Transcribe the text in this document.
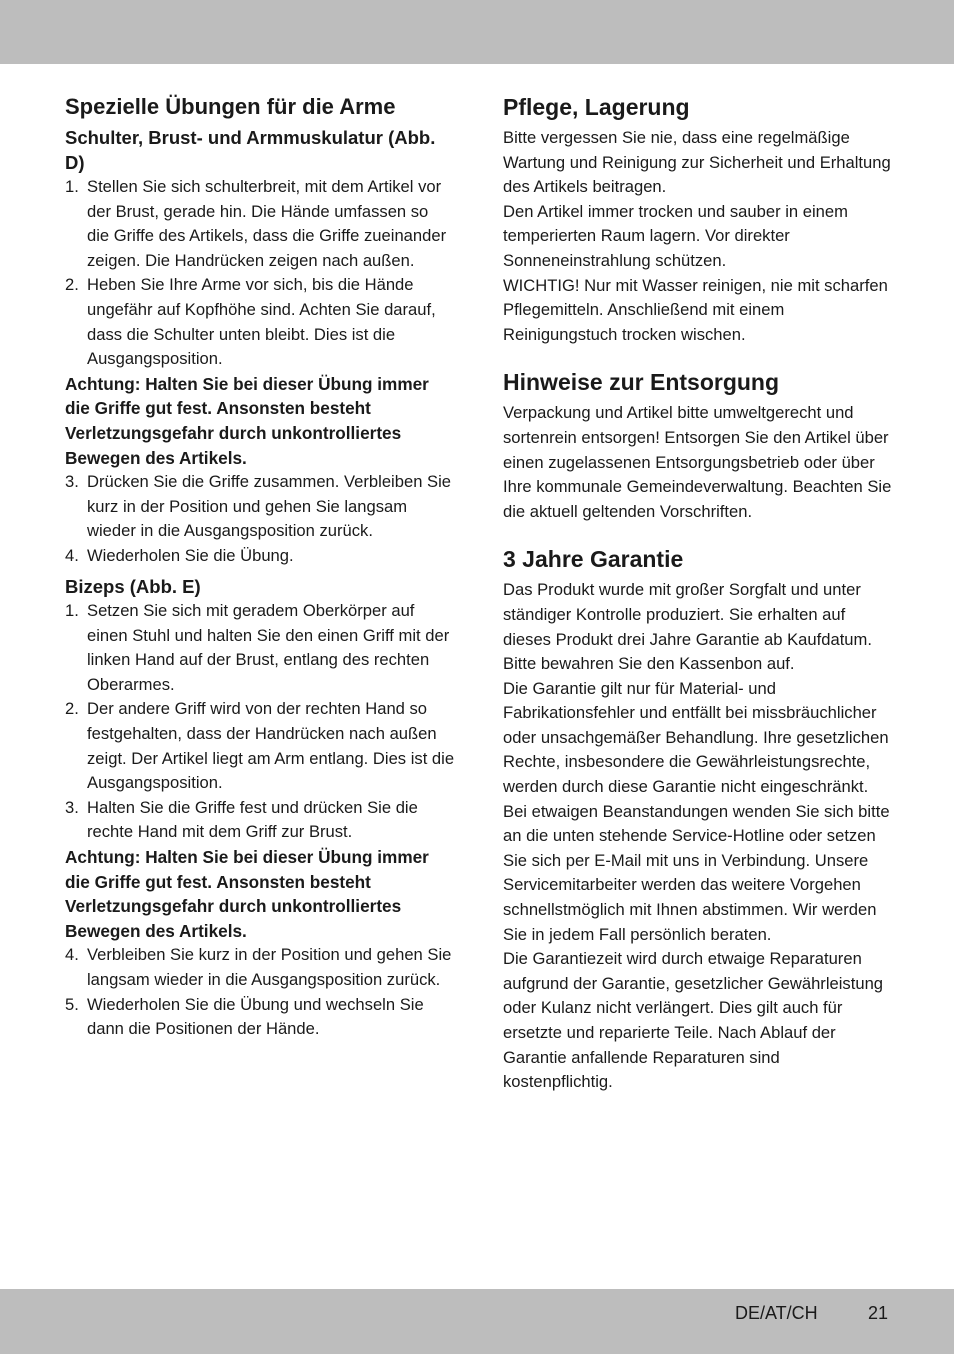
Spezielle Übungen für die Arme
Schulter, Brust- und Armmuskulatur (Abb. D)
1. Stellen Sie sich schulterbreit, mit dem Artikel vor der Brust, gerade hin. Die Hände umfassen so die Griffe des Artikels, dass die Griffe zueinander zeigen. Die Handrücken zeigen nach außen.
2. Heben Sie Ihre Arme vor sich, bis die Hände ungefähr auf Kopfhöhe sind. Achten Sie darauf, dass die Schulter unten bleibt. Dies ist die Ausgangsposition.
Achtung: Halten Sie bei dieser Übung immer die Griffe gut fest. Ansonsten besteht Verletzungsgefahr durch unkontrolliertes Bewegen des Artikels.
3. Drücken Sie die Griffe zusammen. Verbleiben Sie kurz in der Position und gehen Sie langsam wieder in die Ausgangsposition zurück.
4. Wiederholen Sie die Übung.
Bizeps (Abb. E)
1. Setzen Sie sich mit geradem Oberkörper auf einen Stuhl und halten Sie den einen Griff mit der linken Hand auf der Brust, entlang des rechten Oberarmes.
2. Der andere Griff wird von der rechten Hand so festgehalten, dass der Handrücken nach außen zeigt. Der Artikel liegt am Arm entlang. Dies ist die Ausgangsposition.
3. Halten Sie die Griffe fest und drücken Sie die rechte Hand mit dem Griff zur Brust.
Achtung: Halten Sie bei dieser Übung immer die Griffe gut fest. Ansonsten besteht Verletzungsgefahr durch unkontrolliertes Bewegen des Artikels.
4. Verbleiben Sie kurz in der Position und gehen Sie langsam wieder in die Ausgangsposition zurück.
5. Wiederholen Sie die Übung und wechseln Sie dann die Positionen der Hände.
Pflege, Lagerung

Bitte vergessen Sie nie, dass eine regelmäßige Wartung und Reinigung zur Sicherheit und Erhaltung des Artikels beitragen.

Den Artikel immer trocken und sauber in einem temperierten Raum lagern. Vor direkter Sonneneinstrahlung schützen.

WICHTIG! Nur mit Wasser reinigen, nie mit scharfen Pflegemitteln. Anschließend mit einem Reinigungstuch trocken wischen.

Hinweise zur Entsorgung

Verpackung und Artikel bitte umweltgerecht und sortenrein entsorgen! Entsorgen Sie den Artikel über einen zugelassenen Entsorgungsbetrieb oder über Ihre kommunale Gemeindeverwaltung. Beachten Sie die aktuell geltenden Vorschriften.

3 Jahre Garantie

Das Produkt wurde mit großer Sorgfalt und unter ständiger Kontrolle produziert. Sie erhalten auf dieses Produkt drei Jahre Garantie ab Kaufdatum. Bitte bewahren Sie den Kassenbon auf.

Die Garantie gilt nur für Material- und Fabrikationsfehler und entfällt bei missbräuchlicher oder unsachgemäßer Behandlung. Ihre gesetzlichen Rechte, insbesondere die Gewährleistungsrechte, werden durch diese Garantie nicht eingeschränkt.

Bei etwaigen Beanstandungen wenden Sie sich bitte an die unten stehende Service-Hotline oder setzen Sie sich per E-Mail mit uns in Verbindung. Unsere Servicemitarbeiter werden das weitere Vorgehen schnellstmöglich mit Ihnen abstimmen. Wir werden Sie in jedem Fall persönlich beraten.

Die Garantiezeit wird durch etwaige Reparaturen aufgrund der Garantie, gesetzlicher Gewährleistung oder Kulanz nicht verlängert. Dies gilt auch für ersetzte und reparierte Teile. Nach Ablauf der Garantie anfallende Reparaturen sind kostenpflichtig.

DE/AT/CH	21
